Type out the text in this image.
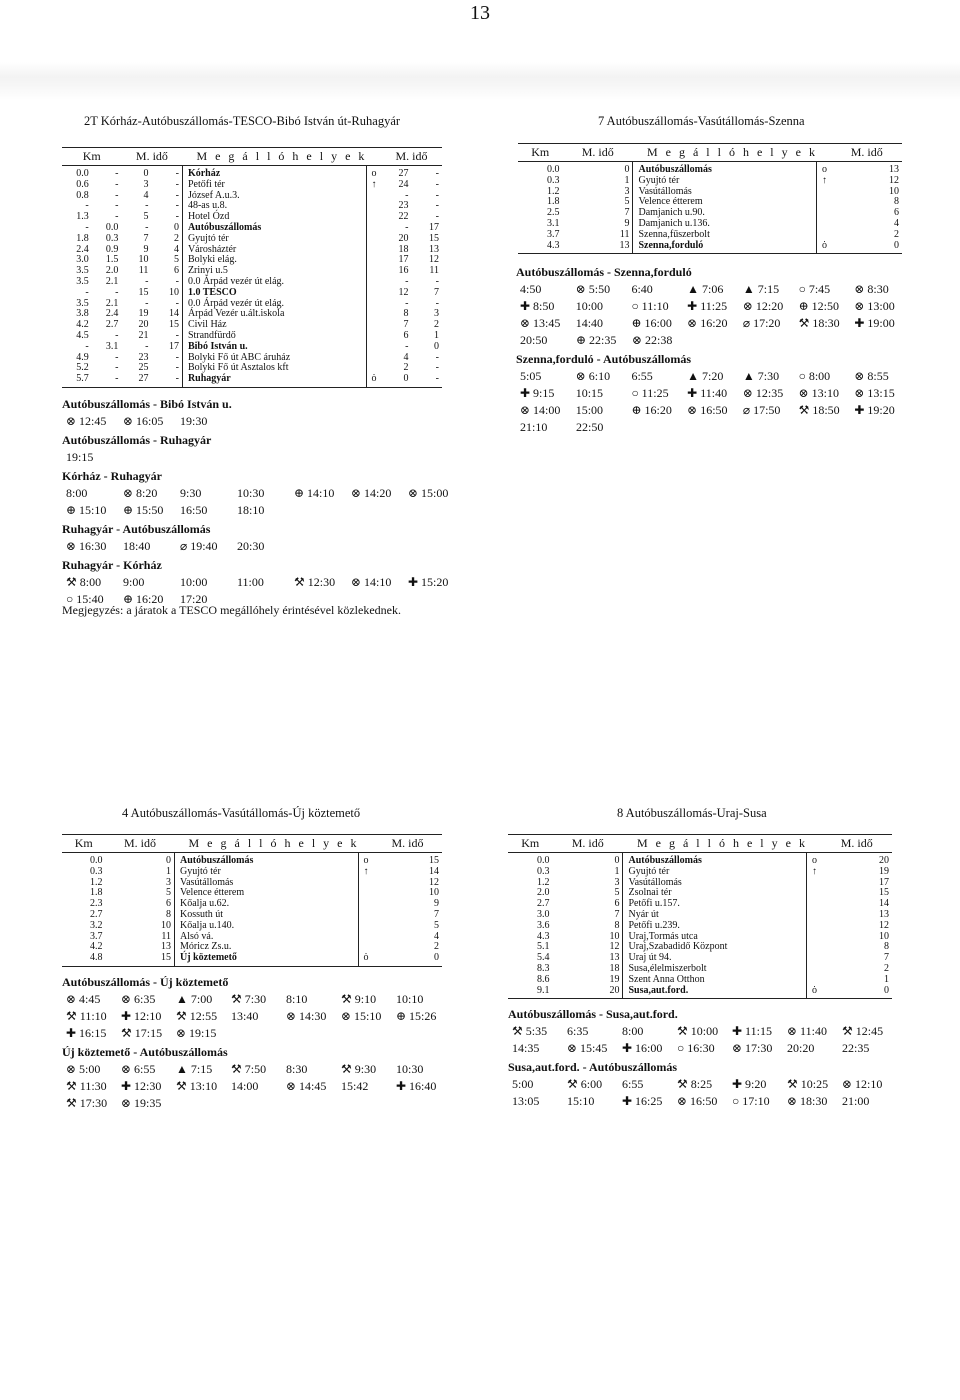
13
2T Kórház-Autóbuszállomás-TESCO-Bibó István út-Ruhagyár	7 Autóbuszállomás-Vasútállomás-Szenna
4 Autóbuszállomás-Vasútállomás-Új köztemető	8 Autóbuszállomás-Uraj-Susa
Km		M. idő		M e g á l l ó h e l y e k		M. idő	
0.0	-	0	-	Kórház	o	27	-
0.6	-	3	-	Petőfi tér	↑	24	-
0.8	-	4	-	József A.u.3.		-	-
-	-	-	-	48-as u.8.		23	-
1.3	-	5	-	Hotel Ózd		22	-
-	0.0	-	0	Autóbuszállomás		-	17
1.8	0.3	7	2	Gyujtó tér		20	15
2.4	0.9	9	4	Városháztér		18	13
3.0	1.5	10	5	Bolyki elág.		17	12
3.5	2.0	11	6	Zrinyi u.5		16	11
3.5	2.1	-	-	0.0 Árpád vezér út elág.		-	-
-	-	15	10	1.0 TESCO		12	7
3.5	2.1	-	-	0.0 Árpád vezér út elág.		-	-
3.8	2.4	19	14	Árpád Vezér u.ált.iskola		8	3
4.2	2.7	20	15	Civil Ház		7	2
4.5	-	21	-	Strandfürdő		6	1
-	3.1	-	17	Bibó István u.		-	0
4.9	-	23	-	Bolyki Fő út ABC áruház		4	-
5.2	-	25	-	Bolyki Fő út Asztalos kft		2	-
5.7	-	27	-	Ruhagyár	ȯ	0	-
Km	M. idő	M e g á l l ó h e l y e k		M. idő
0.0	0	Autóbuszállomás	o	13
0.3	1	Gyujtó tér	↑	12
1.2	3	Vasútállomás		10
1.8	5	Velence étterem		8
2.5	7	Damjanich u.90.		6
3.1	9	Damjanich u.136.		4
3.7	11	Szenna,fűszerbolt		2
4.3	13	Szenna,forduló	ȯ	0
Km	M. idő	M e g á l l ó h e l y e k		M. idő
0.0	0	Autóbuszállomás	o	15
0.3	1	Gyujtó tér	↑	14
1.2	3	Vasútállomás		12
1.8	5	Velence étterem		10
2.3	6	Kőalja u.62.		9
2.7	8	Kossuth út		7
3.2	10	Kőalja u.140.		5
3.7	11	Alsó vá.		4
4.2	13	Móricz Zs.u.		2
4.8	15	Új köztemető	ȯ	0
Km	M. idő	M e g á l l ó h e l y e k		M. idő
0.0	0	Autóbuszállomás	o	20
0.3	1	Gyujtó tér	↑	19
1.2	3	Vasútállomás		17
2.0	5	Zsolnai tér		15
2.7	6	Petőfi u.157.		14
3.0	7	Nyár út		13
3.6	8	Petőfi u.239.		12
4.3	10	Uraj,Tormás utca		10
5.1	12	Uraj,Szabadidő Központ		8
5.4	13	Uraj út 94.		7
8.3	18	Susa,élelmiszerbolt		2
8.6	19	Szent Anna Otthon		1
9.1	20	Susa,aut.ford.	ȯ	0
Autóbuszállomás - Bibó István u.
⊗ 12:45	⊗ 16:05	19:30
Autóbuszállomás - Ruhagyár
19:15
Kórház - Ruhagyár
8:00	⊗ 8:20	9:30	10:30	⊕ 14:10	⊗ 14:20	⊗ 15:00
⊕ 15:10	⊕ 15:50	16:50	18:10
Ruhagyár - Autóbuszállomás
⊗ 16:30	18:40	⌀ 19:40	20:30
Ruhagyár - Kórház
⚒ 8:00	9:00	10:00	11:00	⚒ 12:30	⊗ 14:10	✚ 15:20
○ 15:40	⊕ 16:20	17:20
Megjegyzés: a járatok a TESCO megállóhely érintésével közlekednek.
Autóbuszállomás - Szenna,forduló
4:50	⊗ 5:50	6:40	▲ 7:06	▲ 7:15	○ 7:45	⊗ 8:30
✚ 8:50	10:00	○ 11:10	✚ 11:25	⊗ 12:20	⊕ 12:50	⊗ 13:00
⊗ 13:45	14:40	⊕ 16:00	⊗ 16:20	⌀ 17:20	⚒ 18:30	✚ 19:00
20:50	⊕ 22:35	⊗ 22:38
Szenna,forduló - Autóbuszállomás
5:05	⊗ 6:10	6:55	▲ 7:20	▲ 7:30	○ 8:00	⊗ 8:55
✚ 9:15	10:15	○ 11:25	✚ 11:40	⊗ 12:35	⊗ 13:10	⊗ 13:15
⊗ 14:00	15:00	⊕ 16:20	⊗ 16:50	⌀ 17:50	⚒ 18:50	✚ 19:20
21:10	22:50
Autóbuszállomás - Új köztemető
⊗ 4:45	⊗ 6:35	▲ 7:00	⚒ 7:30	8:10	⚒ 9:10	10:10
⚒ 11:10	✚ 12:10	⚒ 12:55	13:40	⊗ 14:30	⊗ 15:10	⊕ 15:26
✚ 16:15	⚒ 17:15	⊗ 19:15
Új köztemető - Autóbuszállomás
⊗ 5:00	⊗ 6:55	▲ 7:15	⚒ 7:50	8:30	⚒ 9:30	10:30
⚒ 11:30	✚ 12:30	⚒ 13:10	14:00	⊗ 14:45	15:42	✚ 16:40
⚒ 17:30	⊗ 19:35
Autóbuszállomás - Susa,aut.ford.
⚒ 5:35	6:35	8:00	⚒ 10:00	✚ 11:15	⊗ 11:40	⚒ 12:45
14:35	⊗ 15:45	✚ 16:00	○ 16:30	⊗ 17:30	20:20	22:35
Susa,aut.ford. - Autóbuszállomás
5:00	⚒ 6:00	6:55	⚒ 8:25	✚ 9:20	⚒ 10:25	⊗ 12:10
13:05	15:10	✚ 16:25	⊗ 16:50	○ 17:10	⊗ 18:30	21:00
